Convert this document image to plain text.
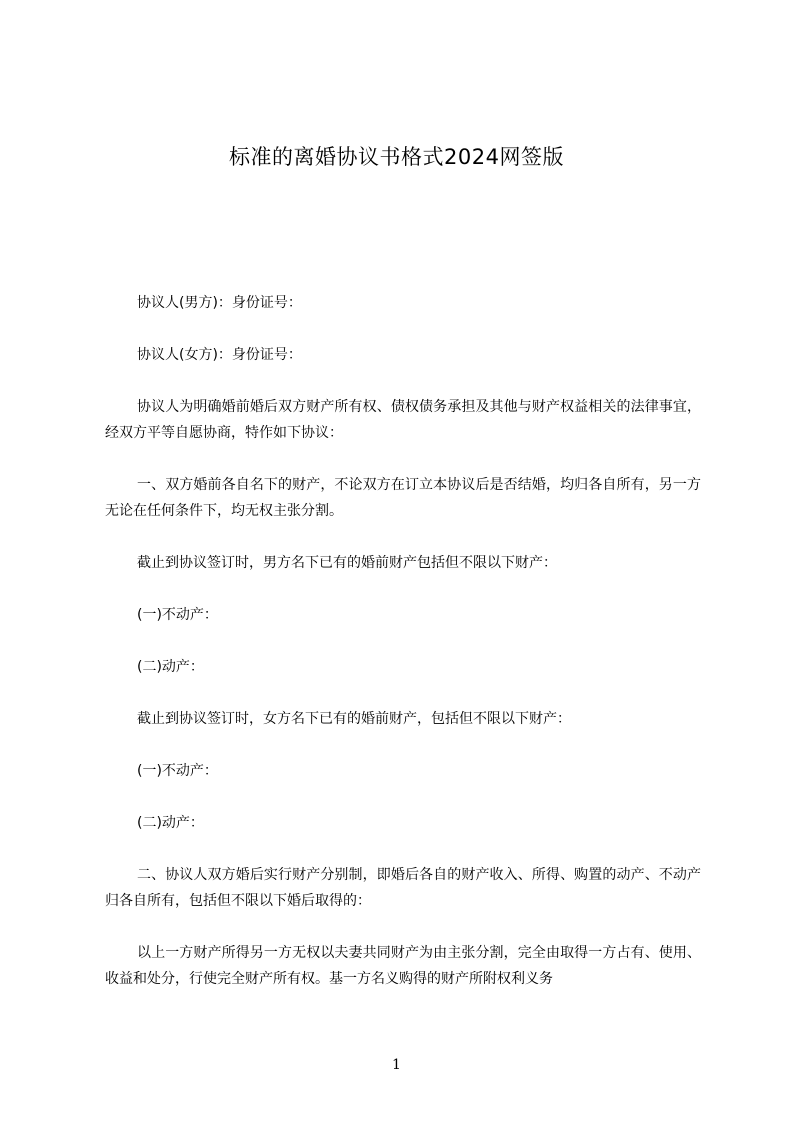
标准的离婚协议书格式2024网签版

协议人(男方)：身份证号：

协议人(女方)：身份证号：

协议人为明确婚前婚后双方财产所有权、债权债务承担及其他与财产权益相关的法律事宜，经双方平等自愿协商，特作如下协议：

一、双方婚前各自名下的财产，不论双方在订立本协议后是否结婚，均归各自所有，另一方无论在任何条件下，均无权主张分割。

截止到协议签订时，男方名下已有的婚前财产包括但不限以下财产：

(一)不动产：

(二)动产：

截止到协议签订时，女方名下已有的婚前财产，包括但不限以下财产：

(一)不动产：

(二)动产：

二、协议人双方婚后实行财产分别制，即婚后各自的财产收入、所得、购置的动产、不动产归各自所有，包括但不限以下婚后取得的：

以上一方财产所得另一方无权以夫妻共同财产为由主张分割，完全由取得一方占有、使用、收益和处分，行使完全财产所有权。基一方名义购得的财产所附权利义务

1
